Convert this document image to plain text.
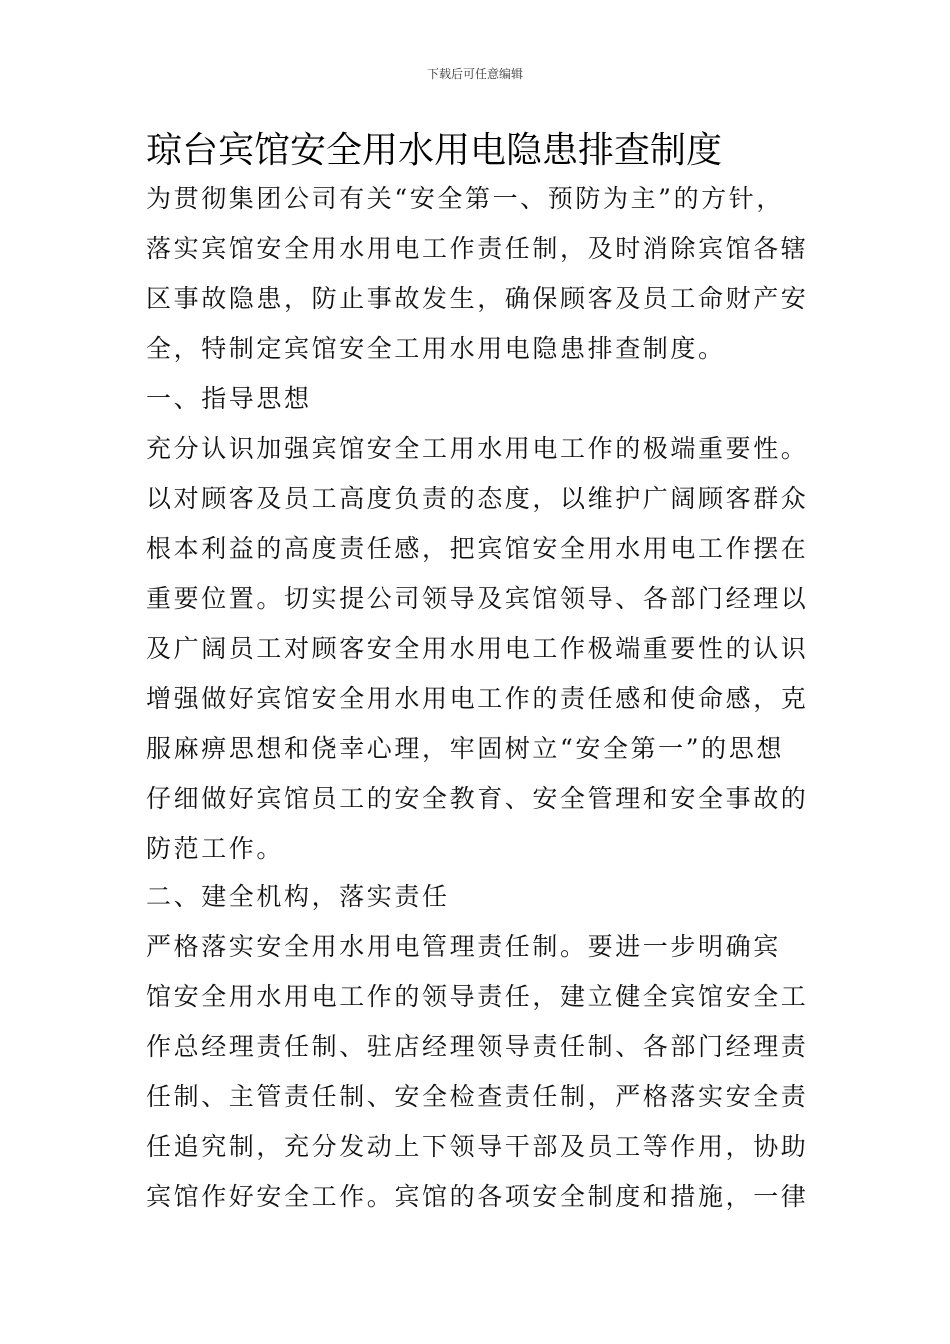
下载后可任意编辑
琼台宾馆安全用水用电隐患排查制度
为贯彻集团公司有关“安全第一、预防为主”的方针，
落实宾馆安全用水用电工作责任制，及时消除宾馆各辖
区事故隐患，防止事故发生，确保顾客及员工命财产安
全，特制定宾馆安全工用水用电隐患排查制度。
一、指导思想
充分认识加强宾馆安全工用水用电工作的极端重要性。
以对顾客及员工高度负责的态度，以维护广阔顾客群众
根本利益的高度责任感，把宾馆安全用水用电工作摆在
重要位置。切实提公司领导及宾馆领导、各部门经理以
及广阔员工对顾客安全用水用电工作极端重要性的认识
增强做好宾馆安全用水用电工作的责任感和使命感，克
服麻痹思想和侥幸心理，牢固树立“安全第一”的思想
仔细做好宾馆员工的安全教育、安全管理和安全事故的
防范工作。
二、建全机构，落实责任
严格落实安全用水用电管理责任制。要进一步明确宾
馆安全用水用电工作的领导责任，建立健全宾馆安全工
作总经理责任制、驻店经理领导责任制、各部门经理责
任制、主管责任制、安全检查责任制，严格落实安全责
任追究制，充分发动上下领导干部及员工等作用，协助
宾馆作好安全工作。宾馆的各项安全制度和措施，一律
